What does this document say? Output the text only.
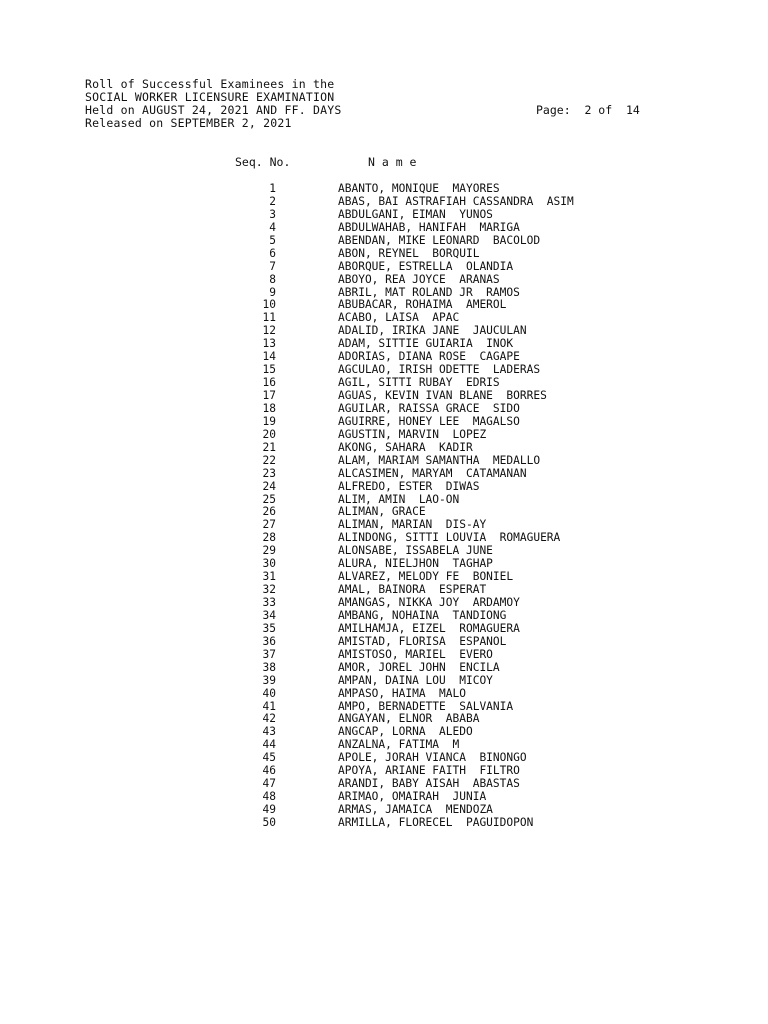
Roll of Successful Examinees in the
SOCIAL WORKER LICENSURE EXAMINATION
Held on AUGUST 24, 2021 AND FF. DAYS
Released on SEPTEMBER 2, 2021
Page:  2 of  14
Seq. No.	N a m e
1	ABANTO, MONIQUE  MAYORES
2	ABAS, BAI ASTRAFIAH CASSANDRA  ASIM
3	ABDULGANI, EIMAN  YUNOS
4	ABDULWAHAB, HANIFAH  MARIGA
5	ABENDAN, MIKE LEONARD  BACOLOD
6	ABON, REYNEL  BORQUIL
7	ABORQUE, ESTRELLA  OLANDIA
8	ABOYO, REA JOYCE  ARANAS
9	ABRIL, MAT ROLAND JR  RAMOS
10	ABUBACAR, ROHAIMA  AMEROL
11	ACABO, LAISA  APAC
12	ADALID, IRIKA JANE  JAUCULAN
13	ADAM, SITTIE GUIARIA  INOK
14	ADORIAS, DIANA ROSE  CAGAPE
15	AGCULAO, IRISH ODETTE  LADERAS
16	AGIL, SITTI RUBAY  EDRIS
17	AGUAS, KEVIN IVAN BLANE  BORRES
18	AGUILAR, RAISSA GRACE  SIDO
19	AGUIRRE, HONEY LEE  MAGALSO
20	AGUSTIN, MARVIN  LOPEZ
21	AKONG, SAHARA  KADIR
22	ALAM, MARIAM SAMANTHA  MEDALLO
23	ALCASIMEN, MARYAM  CATAMANAN
24	ALFREDO, ESTER  DIWAS
25	ALIM, AMIN  LAO-ON
26	ALIMAN, GRACE
27	ALIMAN, MARIAN  DIS-AY
28	ALINDONG, SITTI LOUVIA  ROMAGUERA
29	ALONSABE, ISSABELA JUNE
30	ALURA, NIELJHON  TAGHAP
31	ALVAREZ, MELODY FE  BONIEL
32	AMAL, BAINORA  ESPERAT
33	AMANGAS, NIKKA JOY  ARDAMOY
34	AMBANG, NOHAINA  TANDIONG
35	AMILHAMJA, EIZEL  ROMAGUERA
36	AMISTAD, FLORISA  ESPANOL
37	AMISTOSO, MARIEL  EVERO
38	AMOR, JOREL JOHN  ENCILA
39	AMPAN, DAINA LOU  MICOY
40	AMPASO, HAIMA  MALO
41	AMPO, BERNADETTE  SALVANIA
42	ANGAYAN, ELNOR  ABABA
43	ANGCAP, LORNA  ALEDO
44	ANZALNA, FATIMA  M
45	APOLE, JORAH VIANCA  BINONGO
46	APOYA, ARIANE FAITH  FILTRO
47	ARANDI, BABY AISAH  ABASTAS
48	ARIMAO, OMAIRAH  JUNIA
49	ARMAS, JAMAICA  MENDOZA
50	ARMILLA, FLORECEL  PAGUIDOPON
